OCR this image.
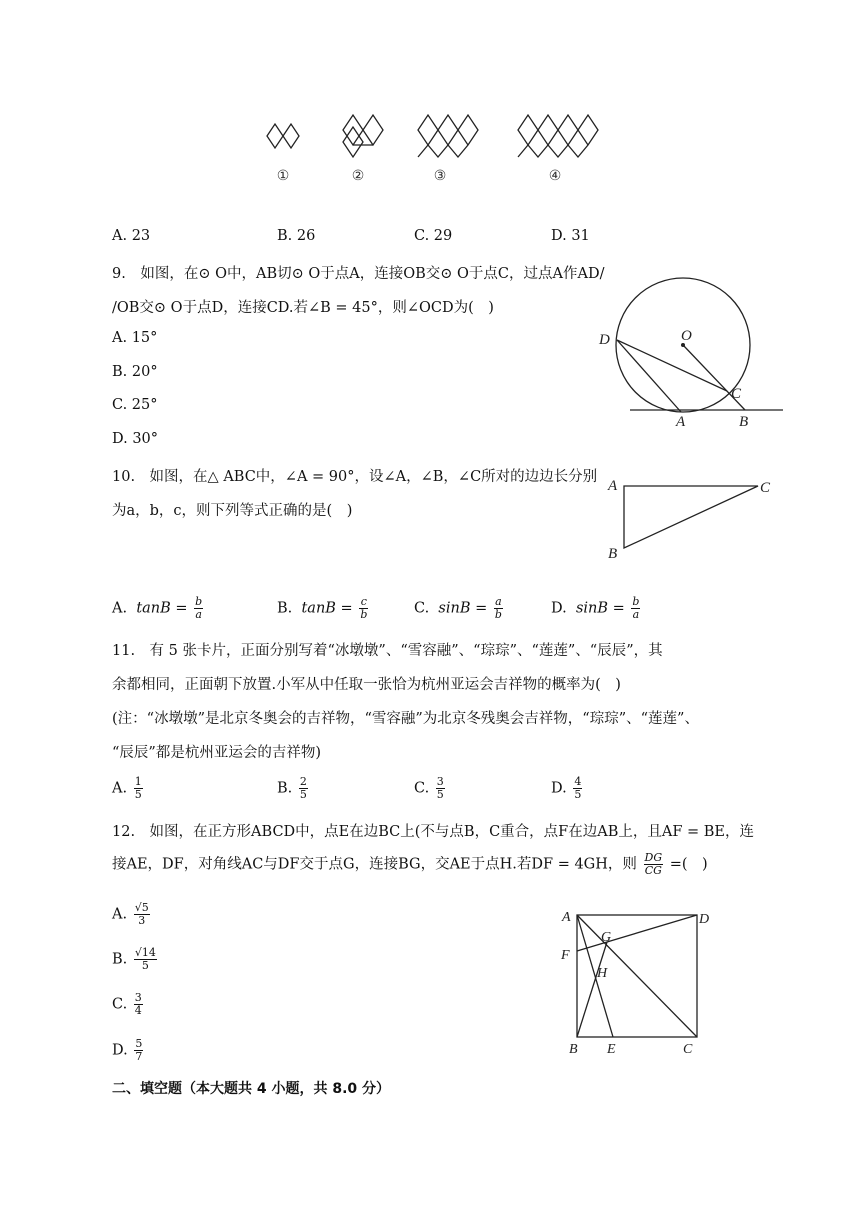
①	②	③	④
A. 23	B. 26	C. 29	D. 31
9.　如图，在⊙ O中，AB切⊙ O于点A，连接OB交⊙ O于点C，过点A作AD/
/OB交⊙ O于点D，连接CD.若∠B = 45°，则∠OCD为(　)
A. 15°
B. 20°
C. 25°
D. 30°
D	O
C
A	B
10.　如图，在△ ABC中，∠A = 90°，设∠A，∠B，∠C所对的边边长分别
为a，b，c，则下列等式正确的是(　)
A	C
B
A. $\tan B = \frac{b}{a}$	B. $\tan B = \frac{c}{b}$	C. $\sin B = \frac{a}{b}$	D. $\sin B = \frac{b}{a}$
11.　有 5 张卡片，正面分别写着“冰墩墩”、“雪容融”、“琮琮”、“莲莲”、“辰辰”，其
余都相同，正面朝下放置.小军从中任取一张恰为杭州亚运会吉祥物的概率为(　)
(注：“冰墩墩”是北京冬奥会的吉祥物，“雪容融”为北京冬残奥会吉祥物，“琮琮”、“莲莲”、
“辰辰”都是杭州亚运会的吉祥物)
A. $\frac{1}{5}$	B. $\frac{2}{5}$	C. $\frac{3}{5}$	D. $\frac{4}{5}$
12.　如图，在正方形ABCD中，点E在边BC上(不与点B，C重合，点F在边AB上，且AF = BE，连
接AE，DF，对角线AC与DF交于点G，连接BG，交AE于点H.若DF = 4GH，则 $\frac{DG}{CG}$ =(　)
A. $\frac{√5}{3}$
B. $\frac{√14}{5}$
C. $\frac{3}{4}$
D. $\frac{5}{7}$
A	D
G
F
H
B E	C
二、填空题（本大题共 4 小题，共 8.0 分）
